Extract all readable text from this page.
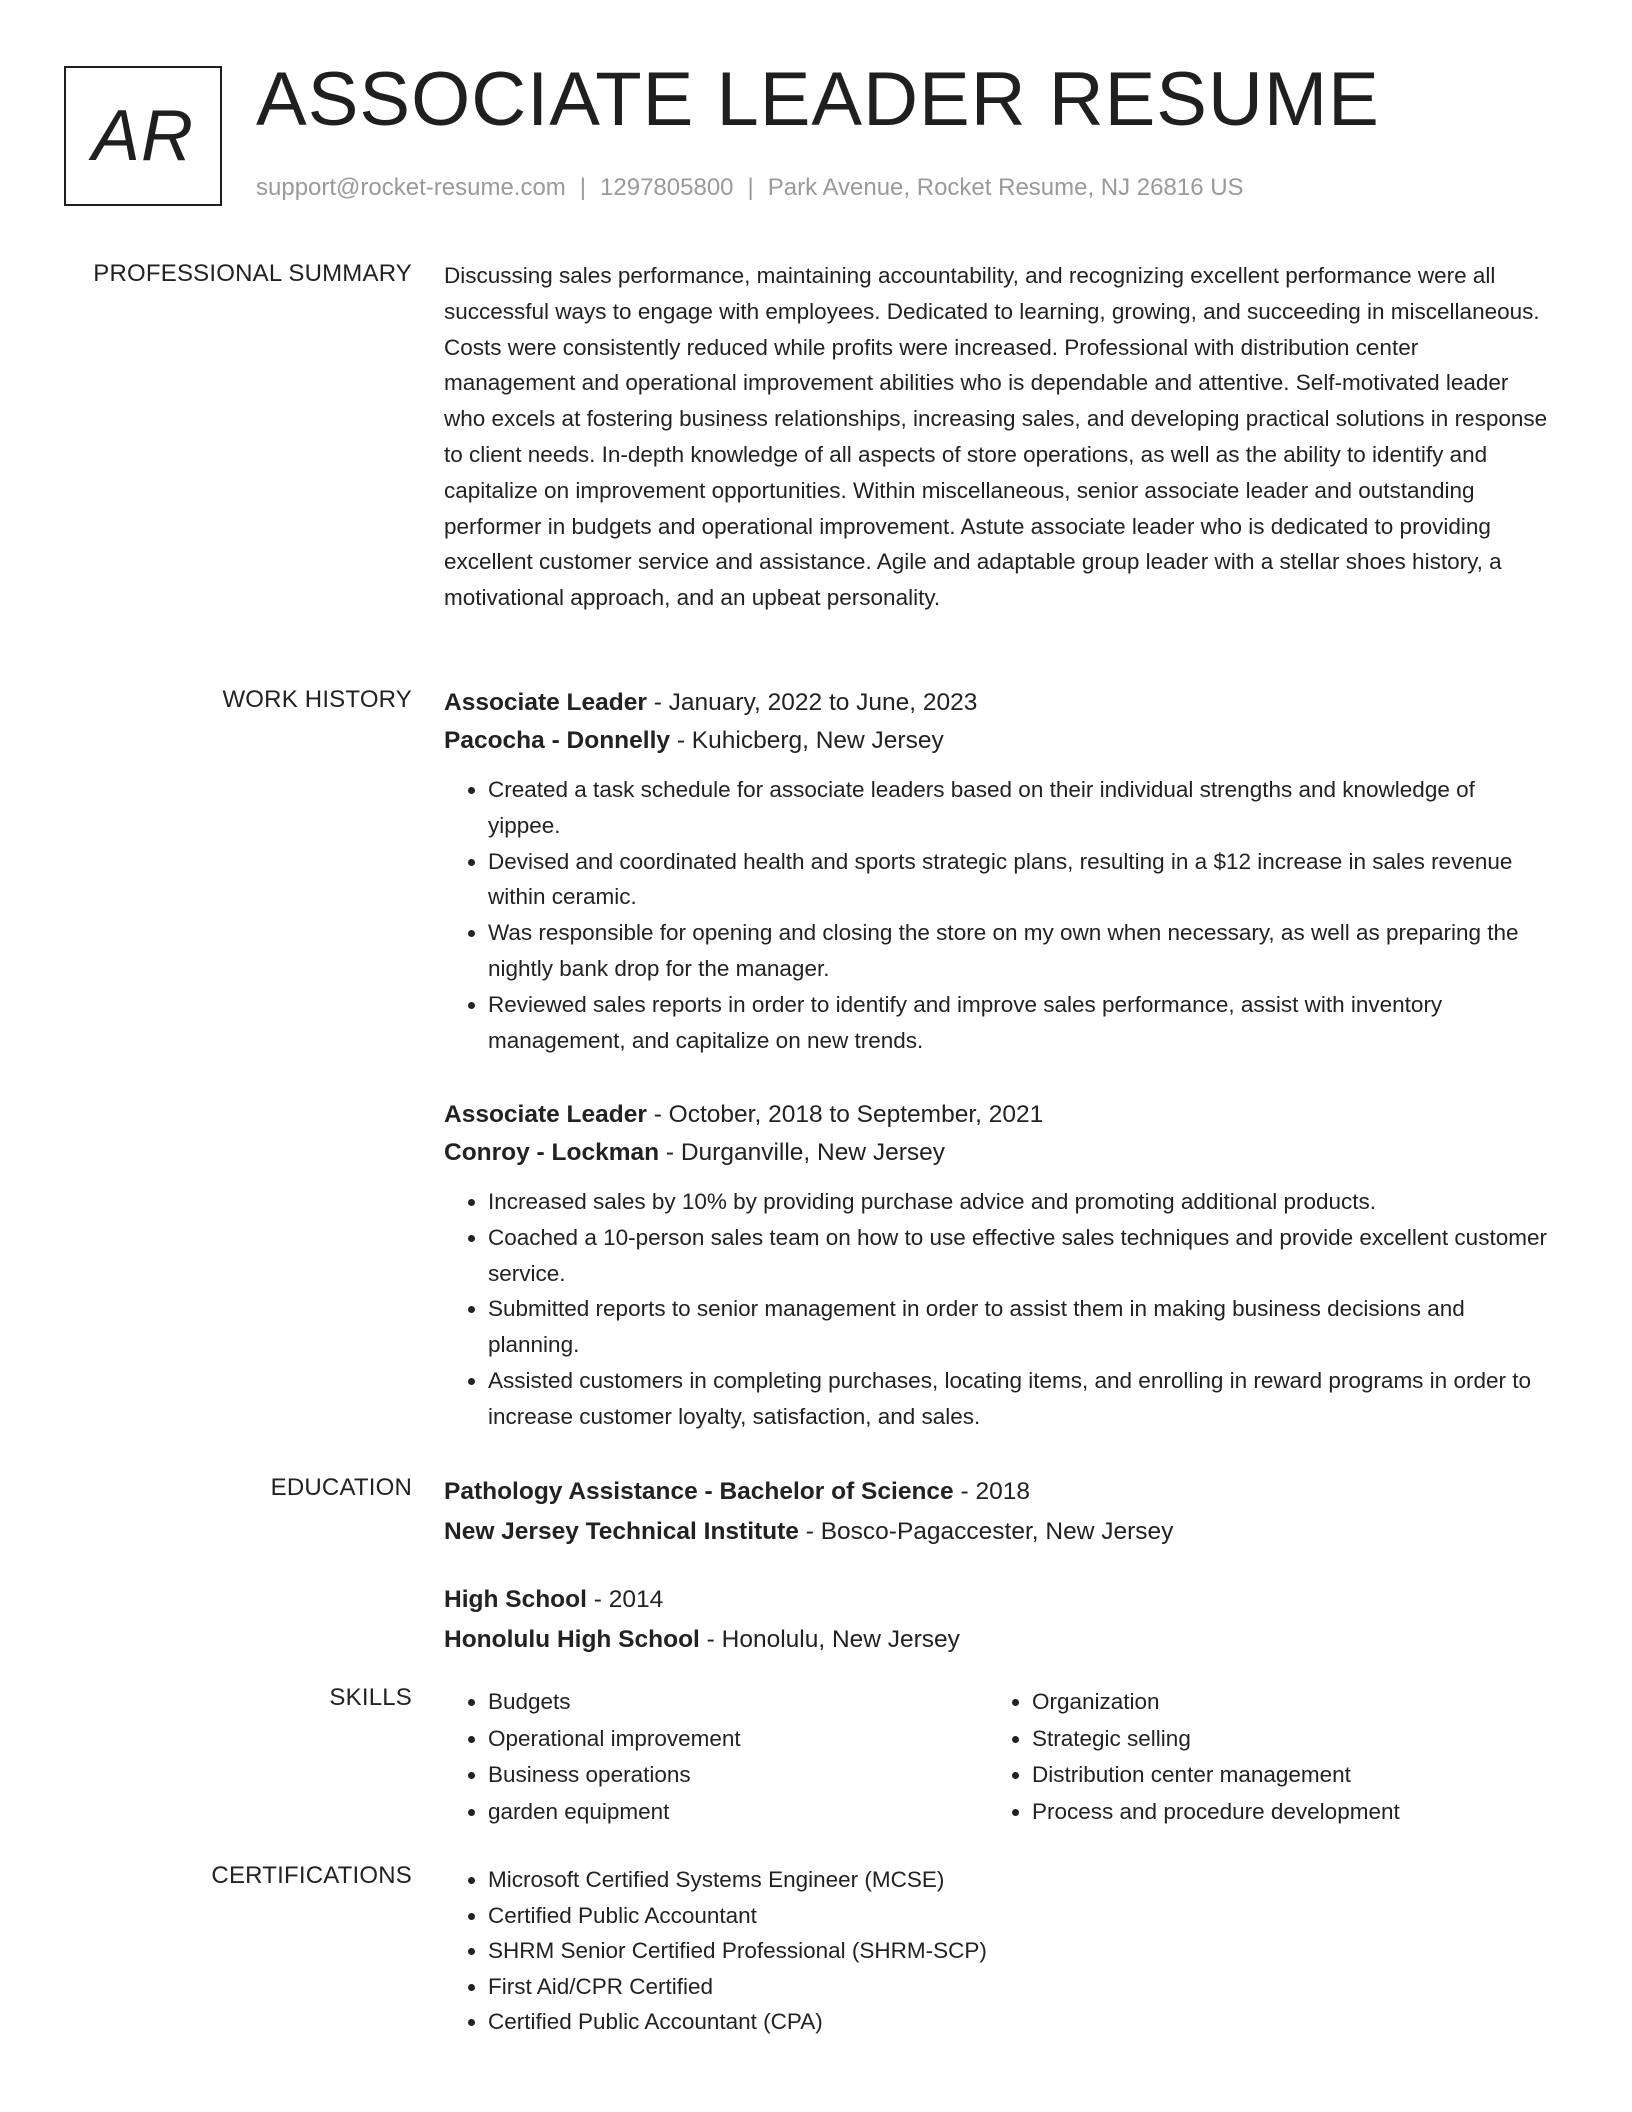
AR ASSOCIATE LEADER RESUME
support@rocket-resume.com | 1297805800 | Park Avenue, Rocket Resume, NJ 26816 US
PROFESSIONAL SUMMARY Discussing sales performance, maintaining accountability, and recognizing excellent performance were all successful ways to engage with employees. Dedicated to learning, growing, and succeeding in miscellaneous. Costs were consistently reduced while profits were increased. Professional with distribution center management and operational improvement abilities who is dependable and attentive. Self-motivated leader who excels at fostering business relationships, increasing sales, and developing practical solutions in response to client needs. In-depth knowledge of all aspects of store operations, as well as the ability to identify and capitalize on improvement opportunities. Within miscellaneous, senior associate leader and outstanding performer in budgets and operational improvement. Astute associate leader who is dedicated to providing excellent customer service and assistance. Agile and adaptable group leader with a stellar shoes history, a motivational approach, and an upbeat personality.

WORK HISTORY Associate Leader - January, 2022 to June, 2023
Pacocha - Donnelly - Kuhicberg, New Jersey
• Created a task schedule for associate leaders based on their individual strengths and knowledge of yippee.
• Devised and coordinated health and sports strategic plans, resulting in a $12 increase in sales revenue within ceramic.
• Was responsible for opening and closing the store on my own when necessary, as well as preparing the nightly bank drop for the manager.
• Reviewed sales reports in order to identify and improve sales performance, assist with inventory management, and capitalize on new trends.
Associate Leader - October, 2018 to September, 2021
Conroy - Lockman - Durganville, New Jersey
• Increased sales by 10% by providing purchase advice and promoting additional products.
• Coached a 10-person sales team on how to use effective sales techniques and provide excellent customer service.
• Submitted reports to senior management in order to assist them in making business decisions and planning.
• Assisted customers in completing purchases, locating items, and enrolling in reward programs in order to increase customer loyalty, satisfaction, and sales.
EDUCATION Pathology Assistance - Bachelor of Science - 2018
New Jersey Technical Institute - Bosco-Pagaccester, New Jersey
High School - 2014
Honolulu High School - Honolulu, New Jersey
SKILLS	• Budgets
• Operational improvement
• Business operations
• garden equipment
• Organization
• Strategic selling
• Distribution center management
• Process and procedure development
CERTIFICATIONS	• Microsoft Certified Systems Engineer (MCSE)
• Certified Public Accountant
• SHRM Senior Certified Professional (SHRM-SCP)
• First Aid/CPR Certified
• Certified Public Accountant (CPA)
